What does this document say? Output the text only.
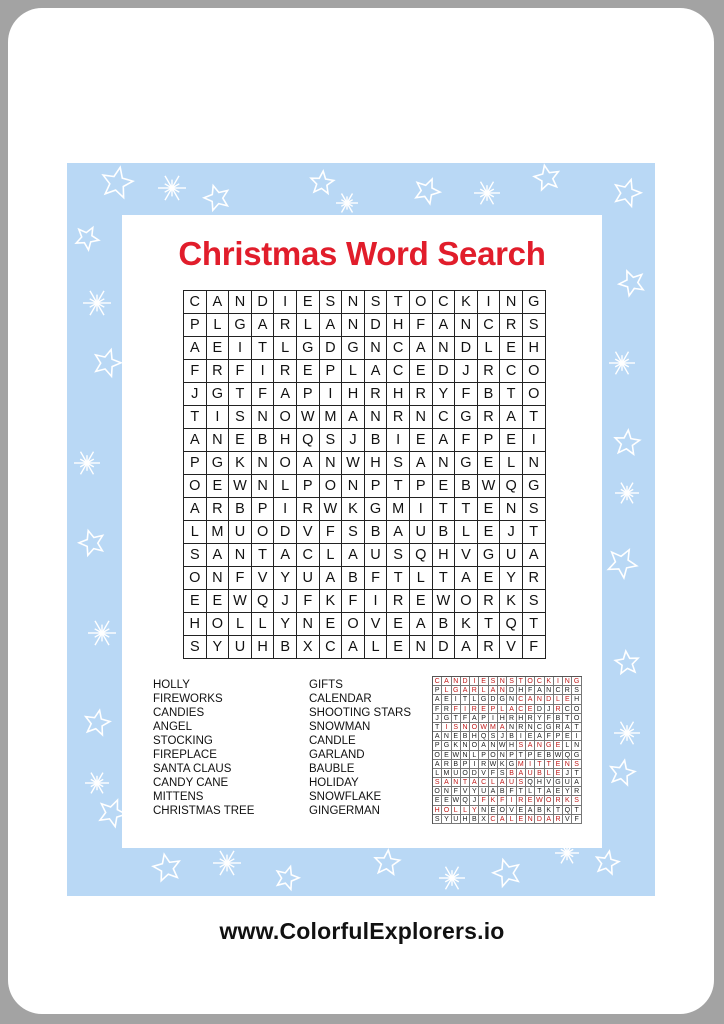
Christmas Word Search
C A N D	I	E S N S T O C K	I	N G
P L G A R L A N D H F A N C R S
A E	I	T L G D G N C A N D L E H
F R F	I	R E P L A C E D J R C O
J G T F A P	I	H R H R Y F B T O
T	I	S N O W M A N R N C G R A T
A N E B H Q S J B	I	E A F P E	I
P G K N O A N W H S A N G E L N
O E W N L P O N P T P E B W Q G
A R B P	I	R W K G M	I	T T E N S
L M U O D V F S B A U B L E J	T
S A N T A C L A U S Q H V G U A
O N F V Y U A B F T L T A E Y R
E E W Q J	F K F	I	R E W O R K S
H O L	L Y N E O V E A B K T Q T
S Y U H B X C A L E N D A R V F
HOLLY
FIREWORKS
CANDIES
ANGEL
STOCKING
FIREPLACE
SANTA CLAUS
CANDY CANE
MITTENS
CHRISTMAS TREE
GIFTS
CALENDAR
SHOOTING STARS
SNOWMAN
CANDLE
GARLAND
BAUBLE
HOLIDAY
SNOWFLAKE
GINGERMAN
C A N D I E S N S T O C K I N G
P L G A R L A N D H F A N C R S
A E I T L G D G N C A N D L E H
F R F I R E P L A C E D J R C O
J G T F A P I H R H R Y F B T O
T I S N O W M A N R N C G R A T
A N E B H Q S J B I E A F P E I
P G K N O A N W H S A N G E L N
O E W N L P O N P T P E B W Q G
A R B P I R W K G M I T T E N S
L M U O D V F S B A U B L E J T
S A N T A C L A U S Q H V G U A
O N F V Y U A B F T L T A E Y R
E E W Q J F K F I R E W O R K S
H O L L Y N E O V E A B K T Q T
S Y U H B X C A L E N D A R V F
www.ColorfulExplorers.io
